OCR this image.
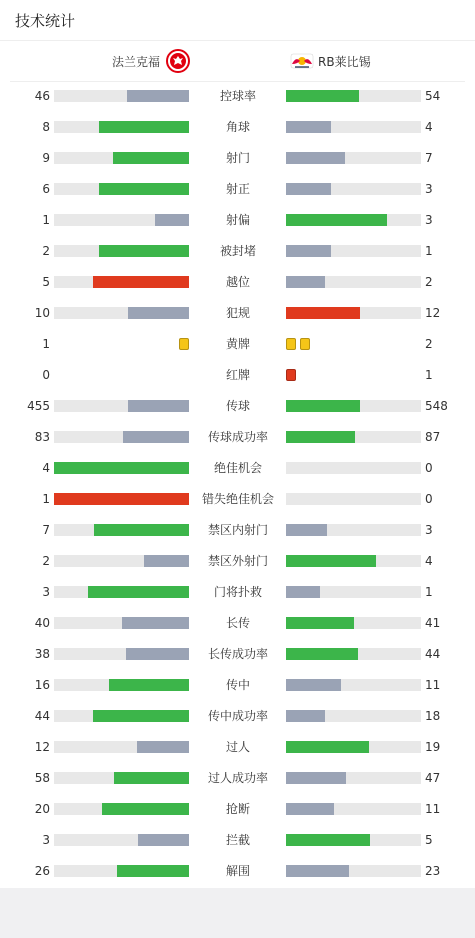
技术统计
法兰克福	RB莱比锡
46	控球率	54
8	角球	4
9	射门	7
6	射正	3
1	射偏	3
2	被封堵	1
5	越位	2
10	犯规	12
1	黄牌	2
0	红牌	1
455	传球	548
83	传球成功率	87
4	绝佳机会	0
1	错失绝佳机会	0
7	禁区内射门	3
2	禁区外射门	4
3	门将扑救	1
40	长传	41
38	长传成功率	44
16	传中	11
44	传中成功率	18
12	过人	19
58	过人成功率	47
20	抢断	11
3	拦截	5
26	解围	23
